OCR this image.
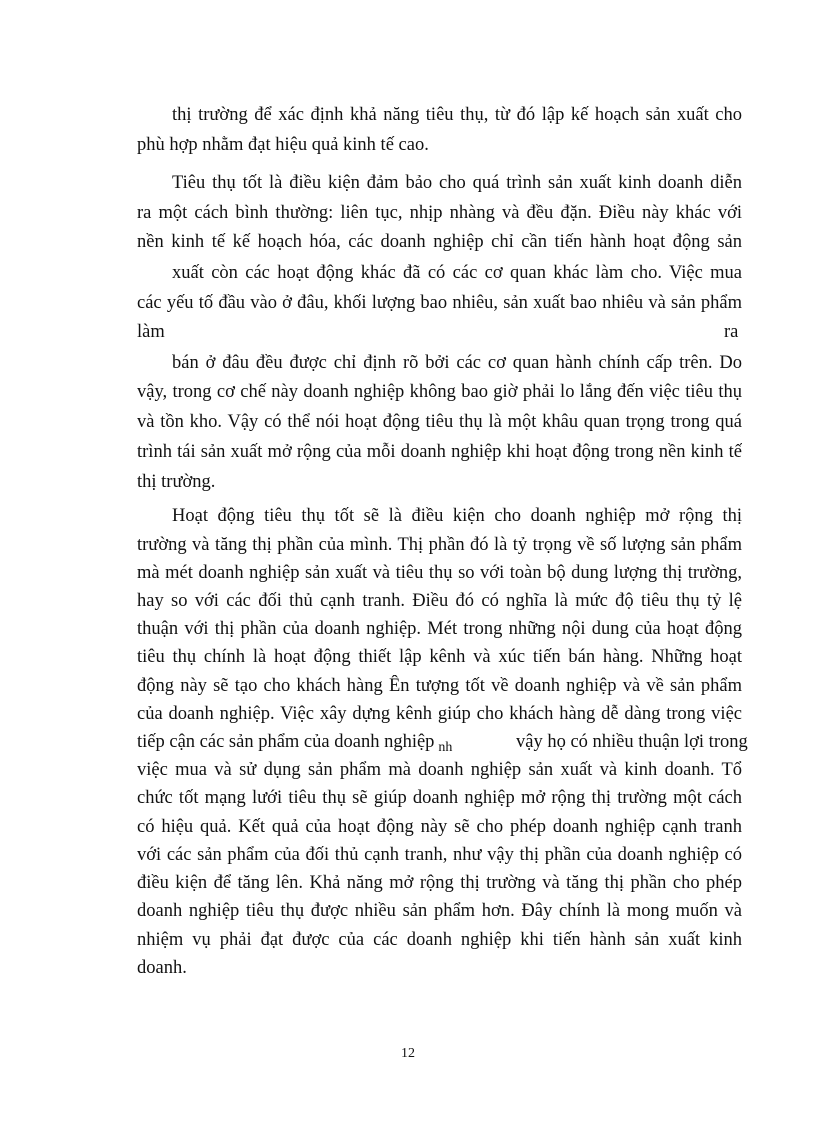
thị trường để xác định khả năng tiêu thụ, từ đó lập kế hoạch sản xuất cho
phù hợp nhằm đạt hiệu quả kinh tế cao.
Tiêu thụ tốt là điều kiện đảm bảo cho quá trình sản xuất kinh doanh diễn
ra một cách bình thường: liên tục, nhịp nhàng và đều đặn. Điều này khác với
nền kinh tế kế hoạch hóa, các doanh nghiệp chỉ cần tiến hành hoạt động sản
xuất còn các hoạt động khác đã có các cơ quan khác làm cho. Việc mua
các yếu tố đầu vào ở đâu, khối lượng bao nhiêu, sản xuất bao nhiêu và sản phẩm
làm	ra
bán ở đâu đều được chỉ định rõ bởi các cơ quan hành chính cấp trên. Do
vậy, trong cơ chế này doanh nghiệp không bao giờ phải lo lắng đến việc tiêu thụ
và tồn kho. Vậy có thể nói hoạt động tiêu thụ là một khâu quan trọng trong quá
trình tái sản xuất mở rộng của mỗi doanh nghiệp khi hoạt động trong nền kinh tế
thị trường.
Hoạt động tiêu thụ tốt sẽ là điều kiện cho doanh nghiệp mở rộng thị
trường và tăng thị phần của mình. Thị phần đó là tỷ trọng về số lượng sản phẩm
mà mét doanh nghiệp sản xuất và tiêu thụ so với toàn bộ dung lượng thị trường,
hay so với các đối thủ cạnh tranh. Điều đó có nghĩa là mức độ tiêu thụ tỷ lệ
thuận với thị phần của doanh nghiệp. Mét trong những nội dung của hoạt động
tiêu thụ chính là hoạt động thiết lập kênh và xúc tiến bán hàng. Những hoạt
động này sẽ tạo cho khách hàng Ên tượng tốt về doanh nghiệp và về sản phẩm
của doanh nghiệp. Việc xây dựng kênh giúp cho khách hàng dễ dàng trong việc
tiếp cận các sản phẩm của doanh nghiệp $_{nh}$	vậy họ có nhiều thuận lợi trong
việc mua và sử dụng sản phẩm mà doanh nghiệp sản xuất và kinh doanh. Tổ
chức tốt mạng lưới tiêu thụ sẽ giúp doanh nghiệp mở rộng thị trường một cách
có hiệu quả. Kết quả của hoạt động này sẽ cho phép doanh nghiệp cạnh tranh
với các sản phẩm của đối thủ cạnh tranh, như vậy thị phần của doanh nghiệp có
điều kiện để tăng lên. Khả năng mở rộng thị trường và tăng thị phần cho phép
doanh nghiệp tiêu thụ được nhiều sản phẩm hơn. Đây chính là mong muốn và
nhiệm vụ phải đạt được của các doanh nghiệp khi tiến hành sản xuất kinh
doanh.
12
